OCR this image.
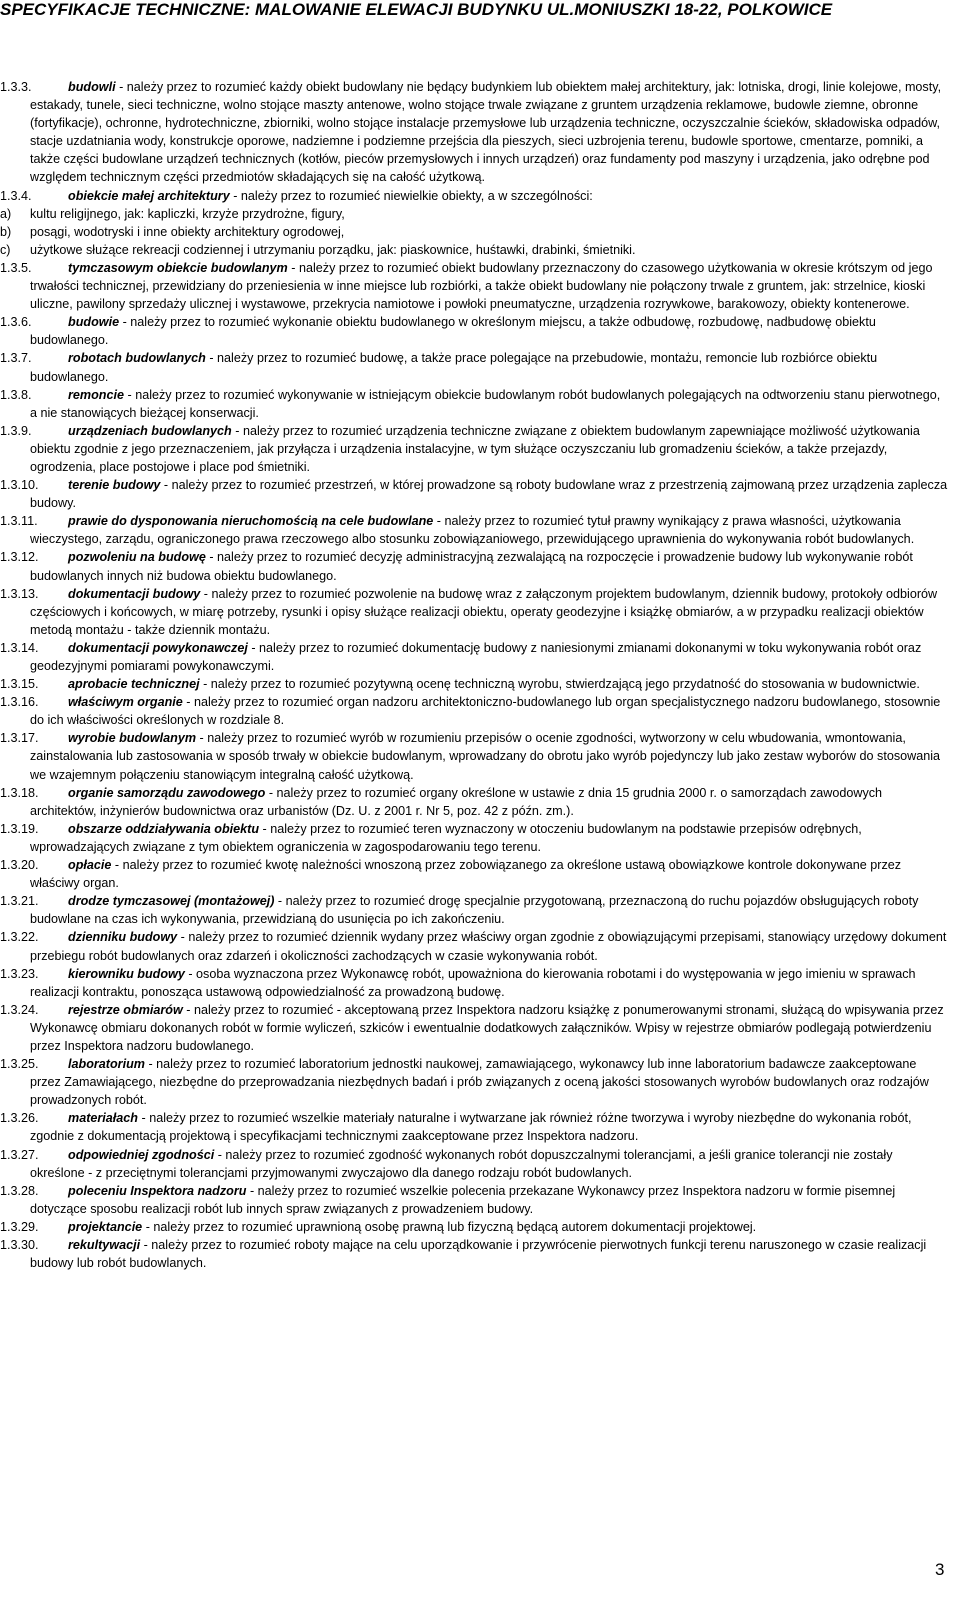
SPECYFIKACJE TECHNICZNE: MALOWANIE ELEWACJI BUDYNKU UL.MONIUSZKI 18-22, POLKOWICE
1.3.3.	budowli - należy przez to rozumieć każdy obiekt budowlany nie będący budynkiem lub obiektem małej architektury, jak: lotniska, drogi, linie kolejowe, mosty, estakady, tunele, sieci techniczne, wolno stojące maszty antenowe, wolno stojące trwale związane z gruntem urządzenia reklamowe, budowle ziemne, obronne (fortyfikacje), ochronne, hydrotechniczne, zbiorniki, wolno stojące instalacje przemysłowe lub urządzenia techniczne, oczyszczalnie ścieków, składowiska odpadów, stacje uzdatniania wody, konstrukcje oporowe, nadziemne i podziemne przejścia dla pieszych, sieci uzbrojenia terenu, budowle sportowe, cmentarze, pomniki, a także części budowlane urządzeń technicznych (kotłów, pieców przemysłowych i innych urządzeń) oraz fundamenty pod maszyny i urządzenia, jako odrębne pod względem technicznym części przedmiotów składających się na całość użytkową.
1.3.4.	obiekcie małej architektury - należy przez to rozumieć niewielkie obiekty, a w szczególności:
a) kultu religijnego, jak: kapliczki, krzyże przydrożne, figury,
b) posągi, wodotryski i inne obiekty architektury ogrodowej,
c) użytkowe służące rekreacji codziennej i utrzymaniu porządku, jak: piaskownice, huśtawki, drabinki, śmietniki.
1.3.5.	tymczasowym obiekcie budowlanym - należy przez to rozumieć obiekt budowlany przeznaczony do czasowego użytkowania w okresie krótszym od jego trwałości technicznej, przewidziany do przeniesienia w inne miejsce lub rozbiórki, a także obiekt budowlany nie połączony trwale z gruntem, jak: strzelnice, kioski uliczne, pawilony sprzedaży ulicznej i wystawowe, przekrycia namiotowe i powłoki pneumatyczne, urządzenia rozrywkowe, barakowozy, obiekty kontenerowe.
1.3.6.	budowie - należy przez to rozumieć wykonanie obiektu budowlanego w określonym miejscu, a także odbudowę, rozbudowę, nadbudowę obiektu budowlanego.
1.3.7.	robotach budowlanych - należy przez to rozumieć budowę, a także prace polegające na przebudowie, montażu, remoncie lub rozbiórce obiektu budowlanego.
1.3.8.	remoncie - należy przez to rozumieć wykonywanie w istniejącym obiekcie budowlanym robót budowlanych polegających na odtworzeniu stanu pierwotnego, a nie stanowiących bieżącej konserwacji.
1.3.9.	urządzeniach budowlanych - należy przez to rozumieć urządzenia techniczne związane z obiektem budowlanym zapewniające możliwość użytkowania obiektu zgodnie z jego przeznaczeniem, jak przyłącza i urządzenia instalacyjne, w tym służące oczyszczaniu lub gromadzeniu ścieków, a także przejazdy, ogrodzenia, place postojowe i place pod śmietniki.
1.3.10.	terenie budowy - należy przez to rozumieć przestrzeń, w której prowadzone są roboty budowlane wraz z przestrzenią zajmowaną przez urządzenia zaplecza budowy.
1.3.11.	prawie do dysponowania nieruchomością na cele budowlane - należy przez to rozumieć tytuł prawny wynikający z prawa własności, użytkowania wieczystego, zarządu, ograniczonego prawa rzeczowego albo stosunku zobowiązaniowego, przewidującego uprawnienia do wykonywania robót budowlanych.
1.3.12.	pozwoleniu na budowę - należy przez to rozumieć decyzję administracyjną zezwalającą na rozpoczęcie i prowadzenie budowy lub wykonywanie robót budowlanych innych niż budowa obiektu budowlanego.
1.3.13.	dokumentacji budowy - należy przez to rozumieć pozwolenie na budowę wraz z załączonym projektem budowlanym, dziennik budowy, protokoły odbiorów częściowych i końcowych, w miarę potrzeby, rysunki i opisy służące realizacji obiektu, operaty geodezyjne i książkę obmiarów, a w przypadku realizacji obiektów metodą montażu - także dziennik montażu.
1.3.14.	dokumentacji powykonawczej - należy przez to rozumieć dokumentację budowy z naniesionymi zmianami dokonanymi w toku wykonywania robót oraz geodezyjnymi pomiarami powykonawczymi.
1.3.15.	aprobacie technicznej - należy przez to rozumieć pozytywną ocenę techniczną wyrobu, stwierdzającą jego przydatność do stosowania w budownictwie.
1.3.16.	właściwym organie - należy przez to rozumieć organ nadzoru architektoniczno-budowlanego lub organ specjalistycznego nadzoru budowlanego, stosownie do ich właściwości określonych w rozdziale 8.
1.3.17.	wyrobie budowlanym - należy przez to rozumieć wyrób w rozumieniu przepisów o ocenie zgodności, wytworzony w celu wbudowania, wmontowania, zainstalowania lub zastosowania w sposób trwały w obiekcie budowlanym, wprowadzany do obrotu jako wyrób pojedynczy lub jako zestaw wyborów do stosowania we wzajemnym połączeniu stanowiącym integralną całość użytkową.
1.3.18.	organie samorządu zawodowego - należy przez to rozumieć organy określone w ustawie z dnia 15 grudnia 2000 r. o samorządach zawodowych architektów, inżynierów budownictwa oraz urbanistów (Dz. U. z 2001 r. Nr 5, poz. 42 z późn. zm.).
1.3.19.	obszarze oddziaływania obiektu - należy przez to rozumieć teren wyznaczony w otoczeniu budowlanym na podstawie przepisów odrębnych, wprowadzających związane z tym obiektem ograniczenia w zagospodarowaniu tego terenu.
1.3.20.	opłacie - należy przez to rozumieć kwotę należności wnoszoną przez zobowiązanego za określone ustawą obowiązkowe kontrole dokonywane przez właściwy organ.
1.3.21.	drodze tymczasowej (montażowej) - należy przez to rozumieć drogę specjalnie przygotowaną, przeznaczoną do ruchu pojazdów obsługujących roboty budowlane na czas ich wykonywania, przewidzianą do usunięcia po ich zakończeniu.
1.3.22.	dzienniku budowy - należy przez to rozumieć dziennik wydany przez właściwy organ zgodnie z obowiązującymi przepisami, stanowiący urzędowy dokument przebiegu robót budowlanych oraz zdarzeń i okoliczności zachodzących w czasie wykonywania robót.
1.3.23.	kierowniku budowy - osoba wyznaczona przez Wykonawcę robót, upoważniona do kierowania robotami i do występowania w jego imieniu w sprawach realizacji kontraktu, ponosząca ustawową odpowiedzialność za prowadzoną budowę.
1.3.24.	rejestrze obmiarów - należy przez to rozumieć - akceptowaną przez Inspektora nadzoru książkę z ponumerowanymi stronami, służącą do wpisywania przez Wykonawcę obmiaru dokonanych robót w formie wyliczeń, szkiców i ewentualnie dodatkowych załączników. Wpisy w rejestrze obmiarów podlegają potwierdzeniu przez Inspektora nadzoru budowlanego.
1.3.25.	laboratorium - należy przez to rozumieć laboratorium jednostki naukowej, zamawiającego, wykonawcy lub inne laboratorium badawcze zaakceptowane przez Zamawiającego, niezbędne do przeprowadzania niezbędnych badań i prób związanych z oceną jakości stosowanych wyrobów budowlanych oraz rodzajów prowadzonych robót.
1.3.26.	materiałach - należy przez to rozumieć wszelkie materiały naturalne i wytwarzane jak również różne tworzywa i wyroby niezbędne do wykonania robót, zgodnie z dokumentacją projektową i specyfikacjami technicznymi zaakceptowane przez Inspektora nadzoru.
1.3.27.	odpowiedniej zgodności - należy przez to rozumieć zgodność wykonanych robót dopuszczalnymi tolerancjami, a jeśli granice tolerancji nie zostały określone - z przeciętnymi tolerancjami przyjmowanymi zwyczajowo dla danego rodzaju robót budowlanych.
1.3.28.	poleceniu Inspektora nadzoru - należy przez to rozumieć wszelkie polecenia przekazane Wykonawcy przez Inspektora nadzoru w formie pisemnej dotyczące sposobu realizacji robót lub innych spraw związanych z prowadzeniem budowy.
1.3.29.	projektancie - należy przez to rozumieć uprawnioną osobę prawną lub fizyczną będącą autorem dokumentacji projektowej.
1.3.30.	rekultywacji - należy przez to rozumieć roboty mające na celu uporządkowanie i przywrócenie pierwotnych funkcji terenu naruszonego w czasie realizacji budowy lub robót budowlanych.
3
